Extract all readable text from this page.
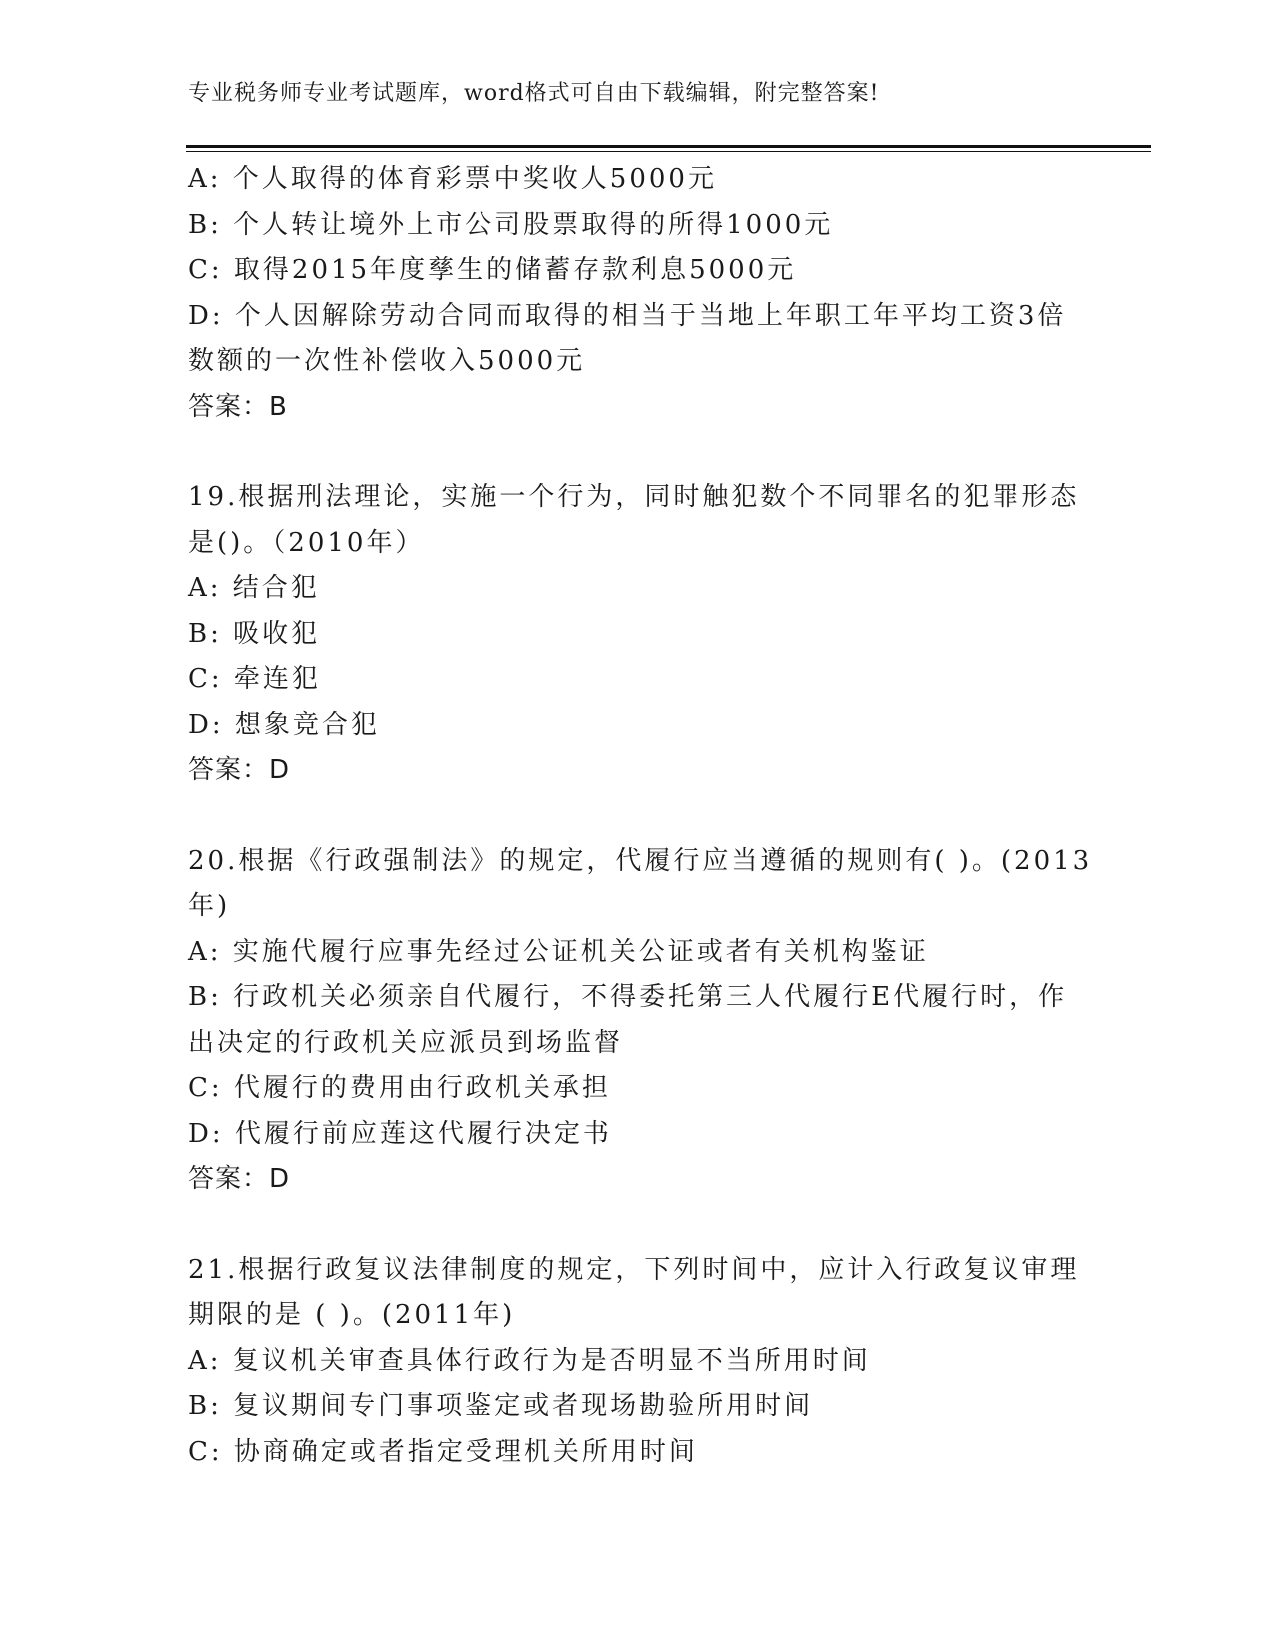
专业税务师专业考试题库，word格式可自由下载编辑，附完整答案!
A: 个人取得的体育彩票中奖收人5000元
B: 个人转让境外上市公司股票取得的所得1000元
C: 取得2015年度孳生的储蓄存款利息5000元
D: 个人因解除劳动合同而取得的相当于当地上年职工年平均工资3倍
数额的一次性补偿收入5000元
答案：B
19.根据刑法理论，实施一个行为，同时触犯数个不同罪名的犯罪形态
是()。（2010年）
A: 结合犯
B: 吸收犯
C: 牵连犯
D: 想象竞合犯
答案：D
20.根据《行政强制法》的规定，代履行应当遵循的规则有( )。(2013
年)
A: 实施代履行应事先经过公证机关公证或者有关机构鉴证
B: 行政机关必须亲自代履行，不得委托第三人代履行E代履行时，作
出决定的行政机关应派员到场监督
C: 代履行的费用由行政机关承担
D: 代履行前应莲这代履行决定书
答案：D
21.根据行政复议法律制度的规定，下列时间中，应计入行政复议审理
期限的是 ( )。(2011年)
A: 复议机关审查具体行政行为是否明显不当所用时间
B: 复议期间专门事项鉴定或者现场勘验所用时间
C: 协商确定或者指定受理机关所用时间
